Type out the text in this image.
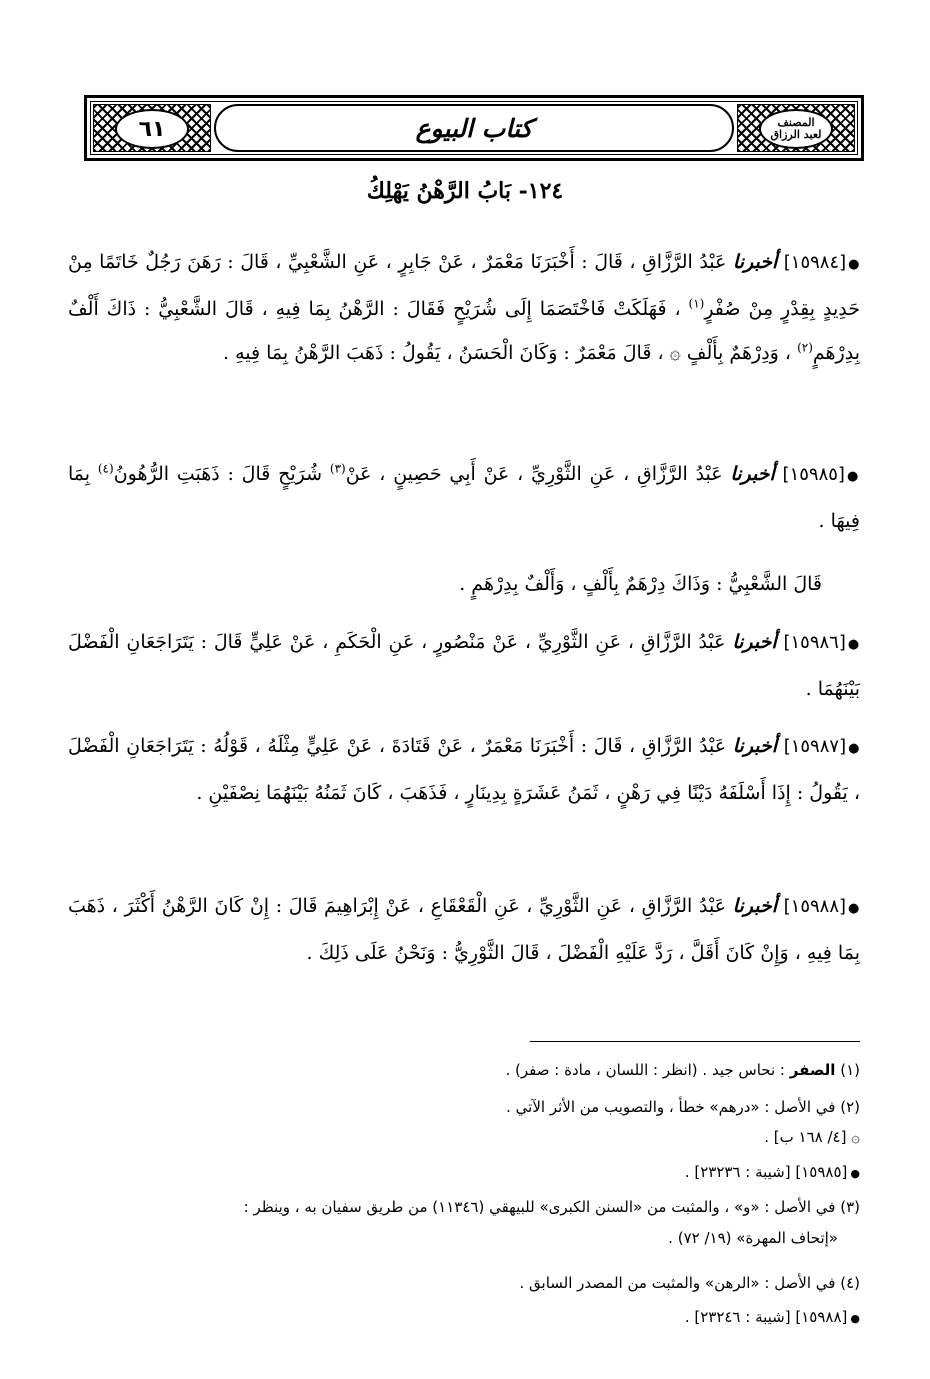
المصنف
لعبد الرزاق
كتاب البيوع
٦١
١٢٤- بَابُ الرَّهْنُ يَهْلِكُ
●[١٥٩٨٤] أخبرنا عَبْدُ الرَّزَّاقِ ، قَالَ : أَخْبَرَنَا مَعْمَرٌ ، عَنْ جَابِرٍ ، عَنِ الشَّعْبِيِّ ، قَالَ : رَهَنَ رَجُلٌ خَاتَمًا مِنْ حَدِيدٍ بِقِدْرٍ مِنْ صُفْرٍ$^{(١)}$ ، فَهَلَكَتْ فَاخْتَصَمَا إِلَى شُرَيْحٍ فَقَالَ : الرَّهْنُ بِمَا فِيهِ ، قَالَ الشَّعْبِيُّ : ذَاكَ أَلْفٌ بِدِرْهَمٍ$^{(٢)}$ ، وَدِرْهَمٌ بِأَلْفٍ ۞ ، قَالَ مَعْمَرٌ : وَكَانَ الْحَسَنُ ، يَقُولُ : ذَهَبَ الرَّهْنُ بِمَا فِيهِ .
●[١٥٩٨٥] أخبرنا عَبْدُ الرَّزَّاقِ ، عَنِ الثَّوْرِيِّ ، عَنْ أَبِي حَصِينٍ ، عَنْ$^{(٣)}$ شُرَيْحٍ قَالَ : ذَهَبَتِ الرُّهُونُ$^{(٤)}$ بِمَا فِيهَا .
قَالَ الشَّعْبِيُّ : وَذَاكَ دِرْهَمٌ بِأَلْفٍ ، وَأَلْفٌ بِدِرْهَمٍ .
●[١٥٩٨٦] أخبرنا عَبْدُ الرَّزَّاقِ ، عَنِ الثَّوْرِيِّ ، عَنْ مَنْصُورٍ ، عَنِ الْحَكَمِ ، عَنْ عَلِيٍّ قَالَ : يَتَرَاجَعَانِ الْفَضْلَ بَيْنَهُمَا .
●[١٥٩٨٧] أخبرنا عَبْدُ الرَّزَّاقِ ، قَالَ : أَخْبَرَنَا مَعْمَرٌ ، عَنْ قَتَادَةَ ، عَنْ عَلِيٍّ مِثْلَهُ ، قَوْلُهُ : يَتَرَاجَعَانِ الْفَضْلَ ، يَقُولُ : إِذَا أَسْلَفَهُ دَيْنًا فِي رَهْنٍ ، ثَمَنُ عَشَرَةٍ بِدِينَارٍ ، فَذَهَبَ ، كَانَ ثَمَنُهُ بَيْنَهُمَا نِصْفَيْنِ .
●[١٥٩٨٨] أخبرنا عَبْدُ الرَّزَّاقِ ، عَنِ الثَّوْرِيِّ ، عَنِ الْقَعْقَاعِ ، عَنْ إِبْرَاهِيمَ قَالَ : إِنْ كَانَ الرَّهْنُ أَكْثَرَ ، ذَهَبَ بِمَا فِيهِ ، وَإِنْ كَانَ أَقَلَّ ، رَدَّ عَلَيْهِ الْفَضْلَ ، قَالَ الثَّوْرِيُّ : وَنَحْنُ عَلَى ذَلِكَ .
(١) الصفر : نحاس جيد . (انظر : اللسان ، مادة : صفر) .
(٢) في الأصل : «درهم» خطأ ، والتصويب من الأثر الآتي .
۞ [٤/ ١٦٨ ب] .
●[١٥٩٨٥] [شيبة : ٢٣٢٣٦] .
(٣) في الأصل : «و» ، والمثبت من «السنن الكبرى» للبيهقي (١١٣٤٦) من طريق سفيان به ، وينظر :
«إتحاف المهرة» (١٩/ ٧٢) .
(٤) في الأصل : «الرهن» والمثبت من المصدر السابق .
●[١٥٩٨٨] [شيبة : ٢٣٢٤٦] .
